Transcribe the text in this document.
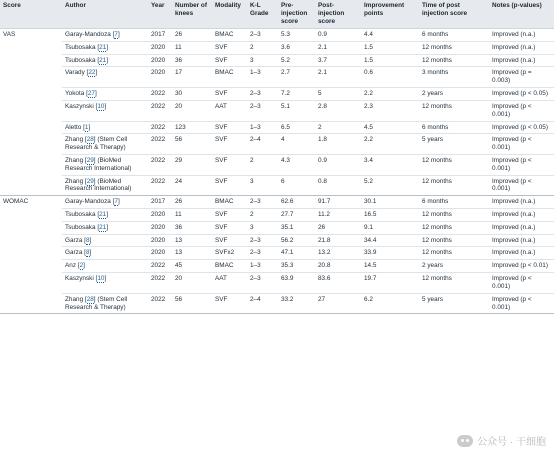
Score	Author	Year	Number of knees	Modality	K-L Grade	Pre-injection score	Post-injection score	Improvement points	Time of post injection score	Notes (p-values)
VAS	Garay-Mandoza [7]	2017	26	BMAC	2–3	5.3	0.9	4.4	6 months	Improved (n.a.)
	Tsubosaka [21]	2020	11	SVF	2	3.6	2.1	1.5	12 months	Improved (n.a.)
	Tsubosaka [21]	2020	36	SVF	3	5.2	3.7	1.5	12 months	Improved (n.a.)
	Varady [22]	2020	17	BMAC	1–3	2.7	2.1	0.6	3 months	Improved (p = 0.003)
	Yokota [27]	2022	30	SVF	2–3	7.2	5	2.2	2 years	Improved (p < 0.05)
	Kaszynski [10]	2022	20	AAT	2–3	5.1	2.8	2.3	12 months	Improved (p < 0.001)
	Aletto [1]	2022	123	SVF	1–3	6.5	2	4.5	6 months	Improved (p < 0.05)
	Zhang [28] (Stem Cell Research & Therapy)	2022	56	SVF	2–4	4	1.8	2.2	5 years	Improved (p < 0.001)
	Zhang [29] (BioMed Research International)	2022	29	SVF	2	4.3	0.9	3.4	12 months	Improved (p < 0.001)
	Zhang [29] (BioMed Research International)	2022	24	SVF	3	6	0.8	5.2	12 months	Improved (p < 0.001)
WOMAC	Garay-Mandoza [7]	2017	26	BMAC	2–3	62.6	91.7	30.1	6 months	Improved (n.a.)
	Tsubosaka [21]	2020	11	SVF	2	27.7	11.2	16.5	12 months	Improved (n.a.)
	Tsubosaka [21]	2020	36	SVF	3	35.1	26	9.1	12 months	Improved (n.a.)
	Garza [8]	2020	13	SVF	2–3	56.2	21.8	34.4	12 months	Improved (n.a.)
	Garza [8]	2020	13	SVFx2	2–3	47.1	13.2	33.9	12 months	Improved (n.a.)
	Anz [2]	2022	45	BMAC	1–3	35.3	20.8	14.5	2 years	Improved (p < 0.01)
	Kaszynski [10]	2022	20	AAT	2–3	63.9	83.6	19.7	12 months	Improved (p < 0.001)
	Zhang [28] (Stem Cell Research & Therapy)	2022	56	SVF	2–4	33.2	27	6.2	5 years	Improved (p < 0.001)
公众号 · 干细胞
